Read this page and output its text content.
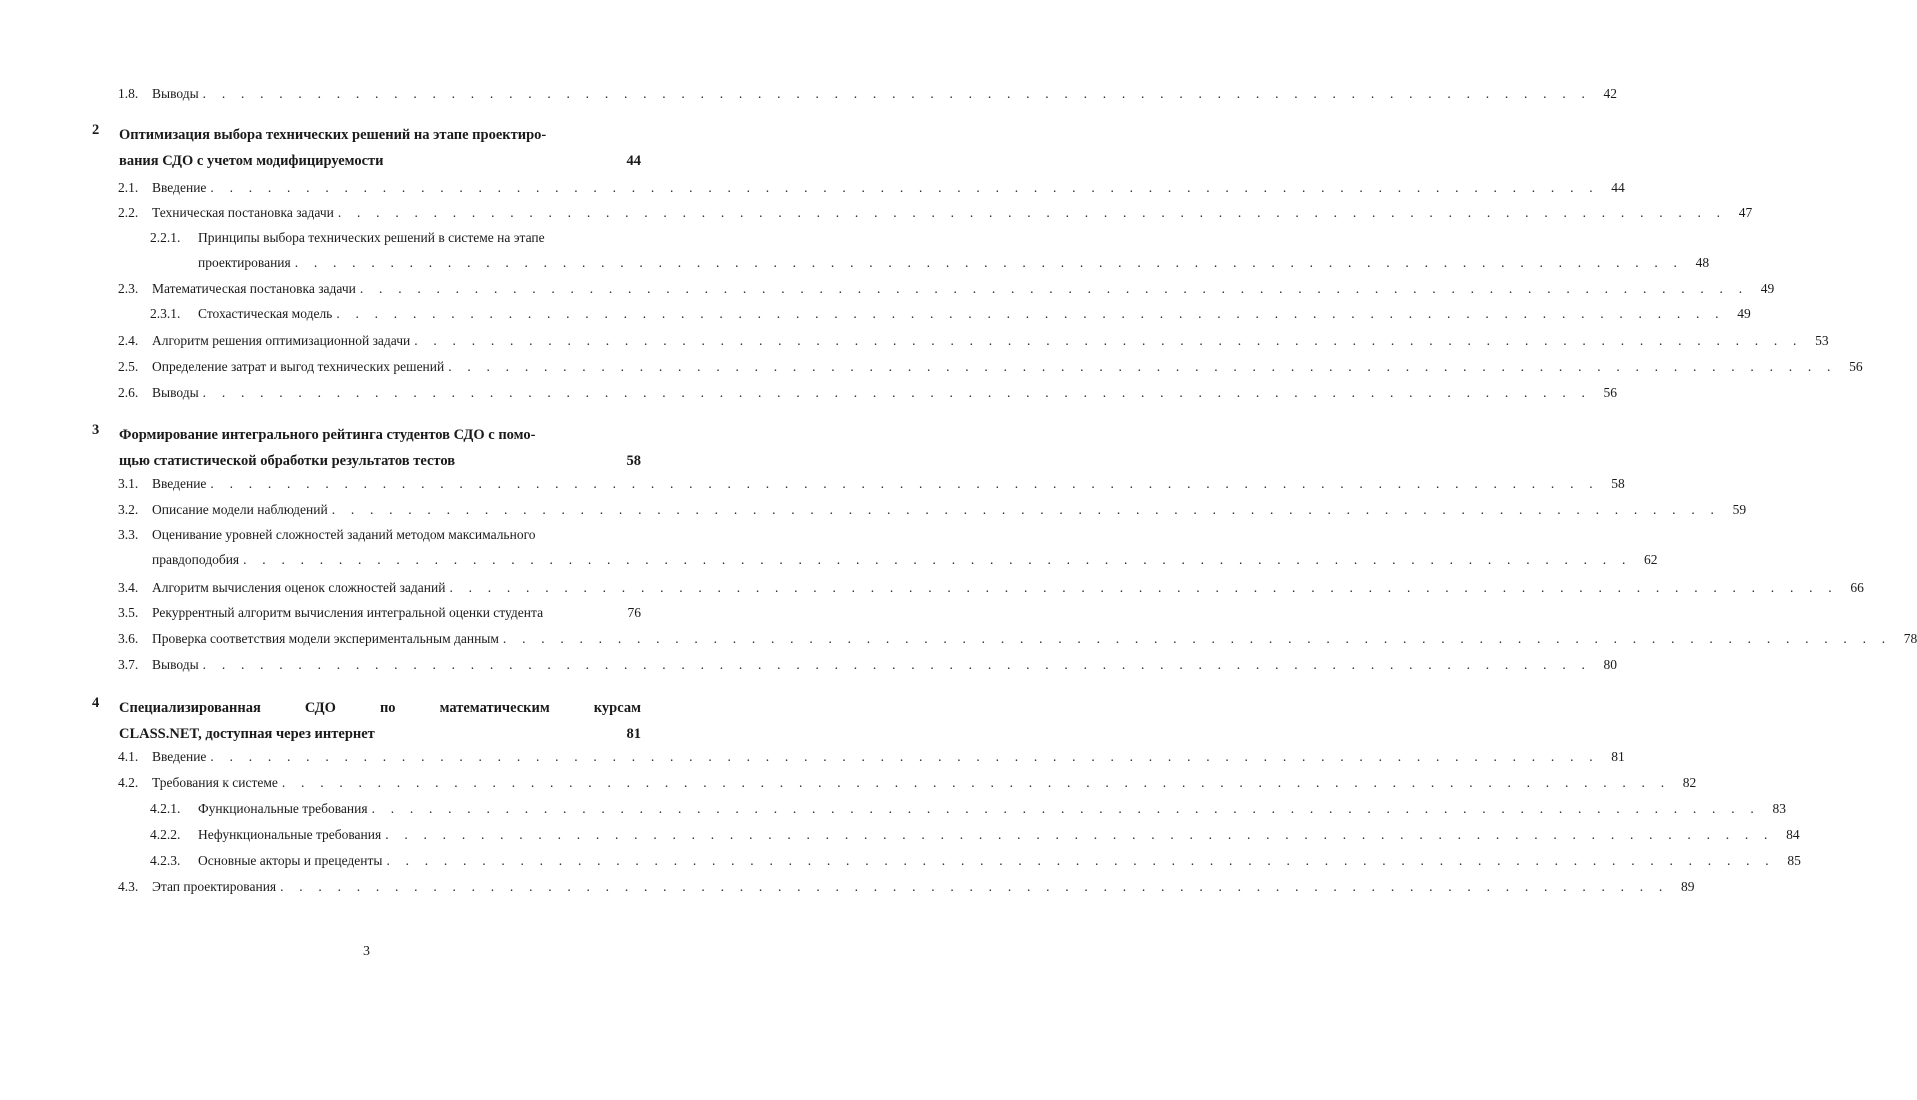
1.8.	Выводы . . . . . . . . . . . . . . . . . . . . . . . . . . . . . . . . . . . . . . . . . . . . . . . . . . . . . . . . . . . . . . . . . . . . . . . . . 42
2 Оптимизация выбора технических решений на этапе проектиро-
вания СДО с учетом модифицируемости	44
2.1.	Введение . . . . . . . . . . . . . . . . . . . . . . . . . . . . . . . . . . . . . . . . . . . . . . . . . . . . . . . . . . . . . . . . . . . . . . . . . 44
2.2.	Техническая постановка задачи . . . . . . . . . . . . . . . . . . . . . . . . . . . . . . . . . . . . . . . . . . . . . . . . . . . . . . . . . . . . . . . . . . . . . . . . . 47
2.2.1.	Принципы выбора технических решений в системе на этапе
проектирования . . . . . . . . . . . . . . . . . . . . . . . . . . . . . . . . . . . . . . . . . . . . . . . . . . . . . . . . . . . . . . . . . . . . . . . . . 48
2.3.	Математическая постановка задачи . . . . . . . . . . . . . . . . . . . . . . . . . . . . . . . . . . . . . . . . . . . . . . . . . . . . . . . . . . . . . . . . . . . . . . . . . 49
2.3.1.	Стохастическая модель . . . . . . . . . . . . . . . . . . . . . . . . . . . . . . . . . . . . . . . . . . . . . . . . . . . . . . . . . . . . . . . . . . . . . . . . . 49
2.4.	Алгоритм решения оптимизационной задачи . . . . . . . . . . . . . . . . . . . . . . . . . . . . . . . . . . . . . . . . . . . . . . . . . . . . . . . . . . . . . . . . . . . . . . . . . 53
2.5.	Определение затрат и выгод технических решений . . . . . . . . . . . . . . . . . . . . . . . . . . . . . . . . . . . . . . . . . . . . . . . . . . . . . . . . . . . . . . . . . . . . . . . . . 56
2.6.	Выводы . . . . . . . . . . . . . . . . . . . . . . . . . . . . . . . . . . . . . . . . . . . . . . . . . . . . . . . . . . . . . . . . . . . . . . . . . 56
3 Формирование интегрального рейтинга студентов СДО с помо-
щью статистической обработки результатов тестов	58
3.1.	Введение . . . . . . . . . . . . . . . . . . . . . . . . . . . . . . . . . . . . . . . . . . . . . . . . . . . . . . . . . . . . . . . . . . . . . . . . . 58
3.2.	Описание модели наблюдений . . . . . . . . . . . . . . . . . . . . . . . . . . . . . . . . . . . . . . . . . . . . . . . . . . . . . . . . . . . . . . . . . . . . . . . . . 59
3.3.	Оценивание уровней сложностей заданий методом максимального
правдоподобия . . . . . . . . . . . . . . . . . . . . . . . . . . . . . . . . . . . . . . . . . . . . . . . . . . . . . . . . . . . . . . . . . . . . . . . . . 62
3.4.	Алгоритм вычисления оценок сложностей заданий . . . . . . . . . . . . . . . . . . . . . . . . . . . . . . . . . . . . . . . . . . . . . . . . . . . . . . . . . . . . . . . . . . . . . . . . . 66
3.5.	Рекуррентный алгоритм вычисления интегральной оценки студента	76
3.6.	Проверка соответствия модели экспериментальным данным . . . . . . . . . . . . . . . . . . . . . . . . . . . . . . . . . . . . . . . . . . . . . . . . . . . . . . . . . . . . . . . . . . . . . . . . . 78
3.7.	Выводы . . . . . . . . . . . . . . . . . . . . . . . . . . . . . . . . . . . . . . . . . . . . . . . . . . . . . . . . . . . . . . . . . . . . . . . . . 80
4 Специализированная	СДО	по	математическим	курсам
CLASS.NET, доступная через интернет	81
4.1.	Введение . . . . . . . . . . . . . . . . . . . . . . . . . . . . . . . . . . . . . . . . . . . . . . . . . . . . . . . . . . . . . . . . . . . . . . . . . 81
4.2.	Требования к системе . . . . . . . . . . . . . . . . . . . . . . . . . . . . . . . . . . . . . . . . . . . . . . . . . . . . . . . . . . . . . . . . . . . . . . . . . 82
4.2.1.	Функциональные требования . . . . . . . . . . . . . . . . . . . . . . . . . . . . . . . . . . . . . . . . . . . . . . . . . . . . . . . . . . . . . . . . . . . . . . . . . 83
4.2.2.	Нефункциональные требования . . . . . . . . . . . . . . . . . . . . . . . . . . . . . . . . . . . . . . . . . . . . . . . . . . . . . . . . . . . . . . . . . . . . . . . . . 84
4.2.3.	Основные акторы и прецеденты . . . . . . . . . . . . . . . . . . . . . . . . . . . . . . . . . . . . . . . . . . . . . . . . . . . . . . . . . . . . . . . . . . . . . . . . . 85
4.3.	Этап проектирования . . . . . . . . . . . . . . . . . . . . . . . . . . . . . . . . . . . . . . . . . . . . . . . . . . . . . . . . . . . . . . . . . . . . . . . . . 89
3
